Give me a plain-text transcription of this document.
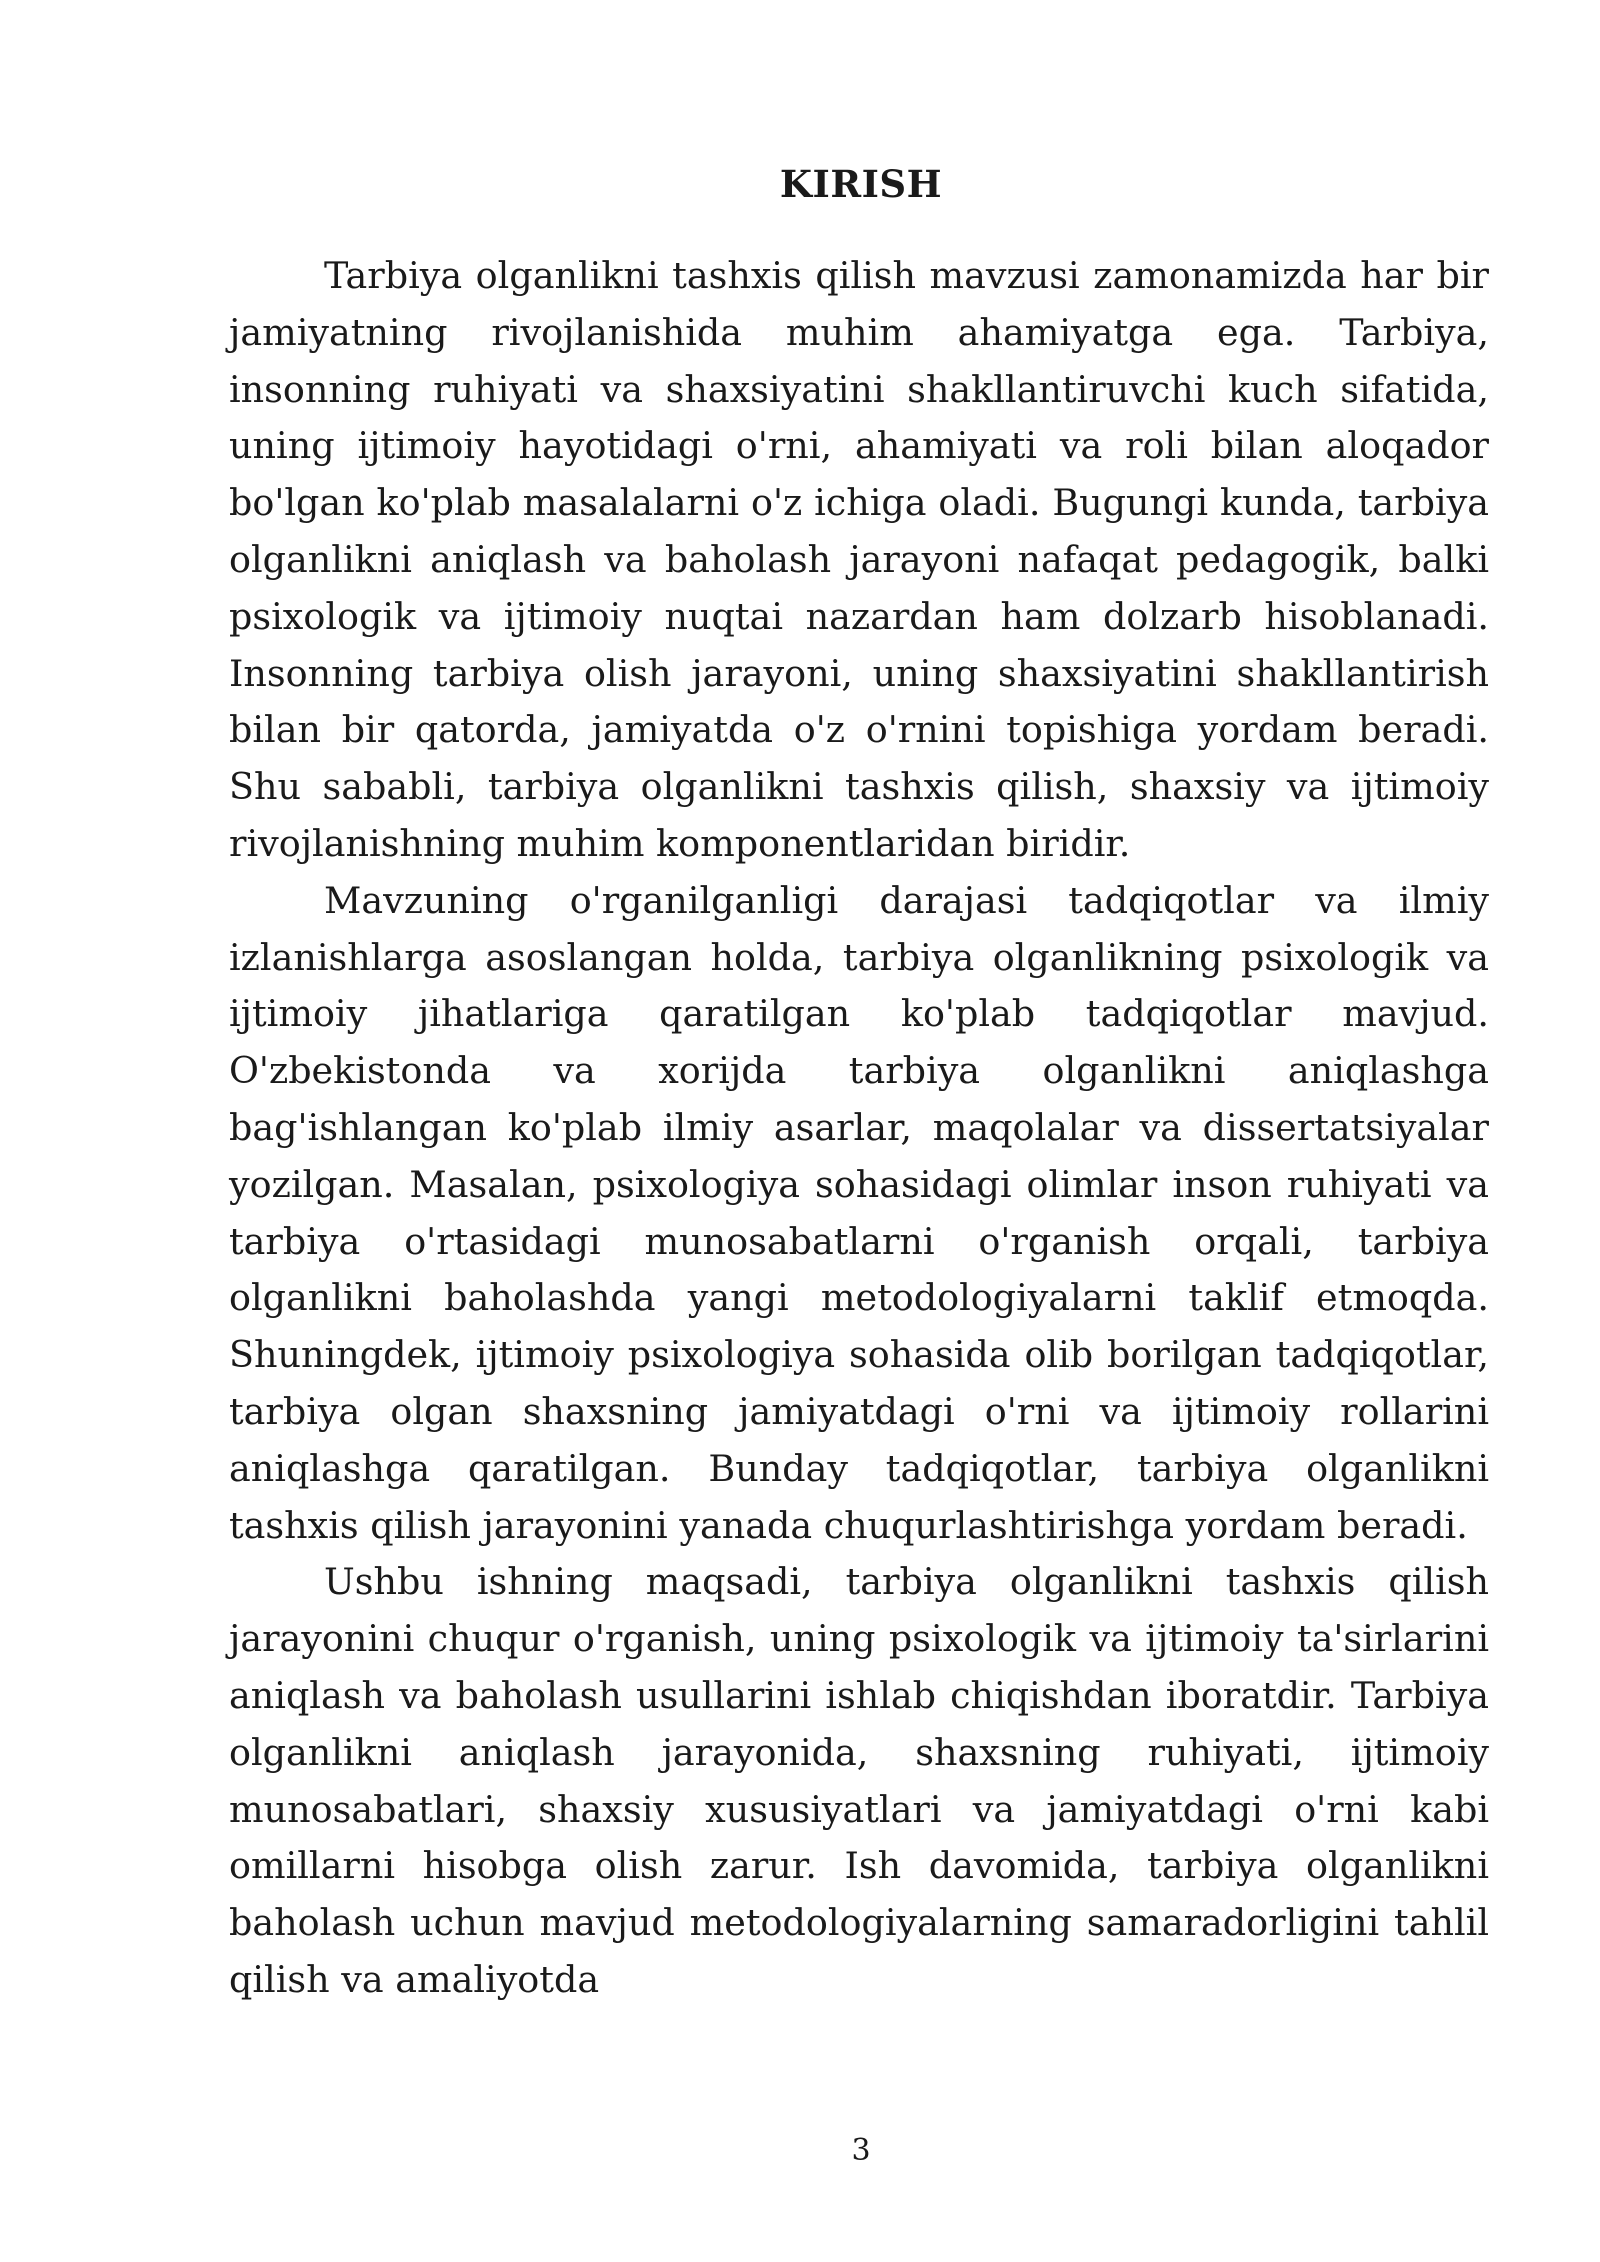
KIRISH

Tarbiya olganlikni tashxis qilish mavzusi zamonamizda har bir jamiyatning rivojlanishida muhim ahamiyatga ega. Tarbiya, insonning ruhiyati va shaxsiyatini shakllantiruvchi kuch sifatida, uning ijtimoiy hayotidagi o'rni, ahamiyati va roli bilan aloqador bo'lgan ko'plab masalalarni o'z ichiga oladi. Bugungi kunda, tarbiya olganlikni aniqlash va baholash jarayoni nafaqat pedagogik, balki psixologik va ijtimoiy nuqtai nazardan ham dolzarb hisoblanadi. Insonning tarbiya olish jarayoni, uning shaxsiyatini shakllantirish bilan bir qatorda, jamiyatda o'z o'rnini topishiga yordam beradi. Shu sababli, tarbiya olganlikni tashxis qilish, shaxsiy va ijtimoiy rivojlanishning muhim komponentlaridan biridir.

Mavzuning o'rganilganligi darajasi tadqiqotlar va ilmiy izlanishlarga asoslangan holda, tarbiya olganlikning psixologik va ijtimoiy jihatlariga qaratilgan ko'plab tadqiqotlar mavjud. O'zbekistonda va xorijda tarbiya olganlikni aniqlashga bag'ishlangan ko'plab ilmiy asarlar, maqolalar va dissertatsiyalar yozilgan. Masalan, psixologiya sohasidagi olimlar inson ruhiyati va tarbiya o'rtasidagi munosabatlarni o'rganish orqali, tarbiya olganlikni baholashda yangi metodologiyalarni taklif etmoqda. Shuningdek, ijtimoiy psixologiya sohasida olib borilgan tadqiqotlar, tarbiya olgan shaxsning jamiyatdagi o'rni va ijtimoiy rollarini aniqlashga qaratilgan. Bunday tadqiqotlar, tarbiya olganlikni tashxis qilish jarayonini yanada chuqurlashtirishga yordam beradi.

Ushbu ishning maqsadi, tarbiya olganlikni tashxis qilish jarayonini chuqur o'rganish, uning psixologik va ijtimoiy ta'sirlarini aniqlash va baholash usullarini ishlab chiqishdan iboratdir. Tarbiya olganlikni aniqlash jarayonida, shaxsning ruhiyati, ijtimoiy munosabatlari, shaxsiy xususiyatlari va jamiyatdagi o'rni kabi omillarni hisobga olish zarur. Ish davomida, tarbiya olganlikni baholash uchun mavjud metodologiyalarning samaradorligini tahlil qilish va amaliyotda

3
